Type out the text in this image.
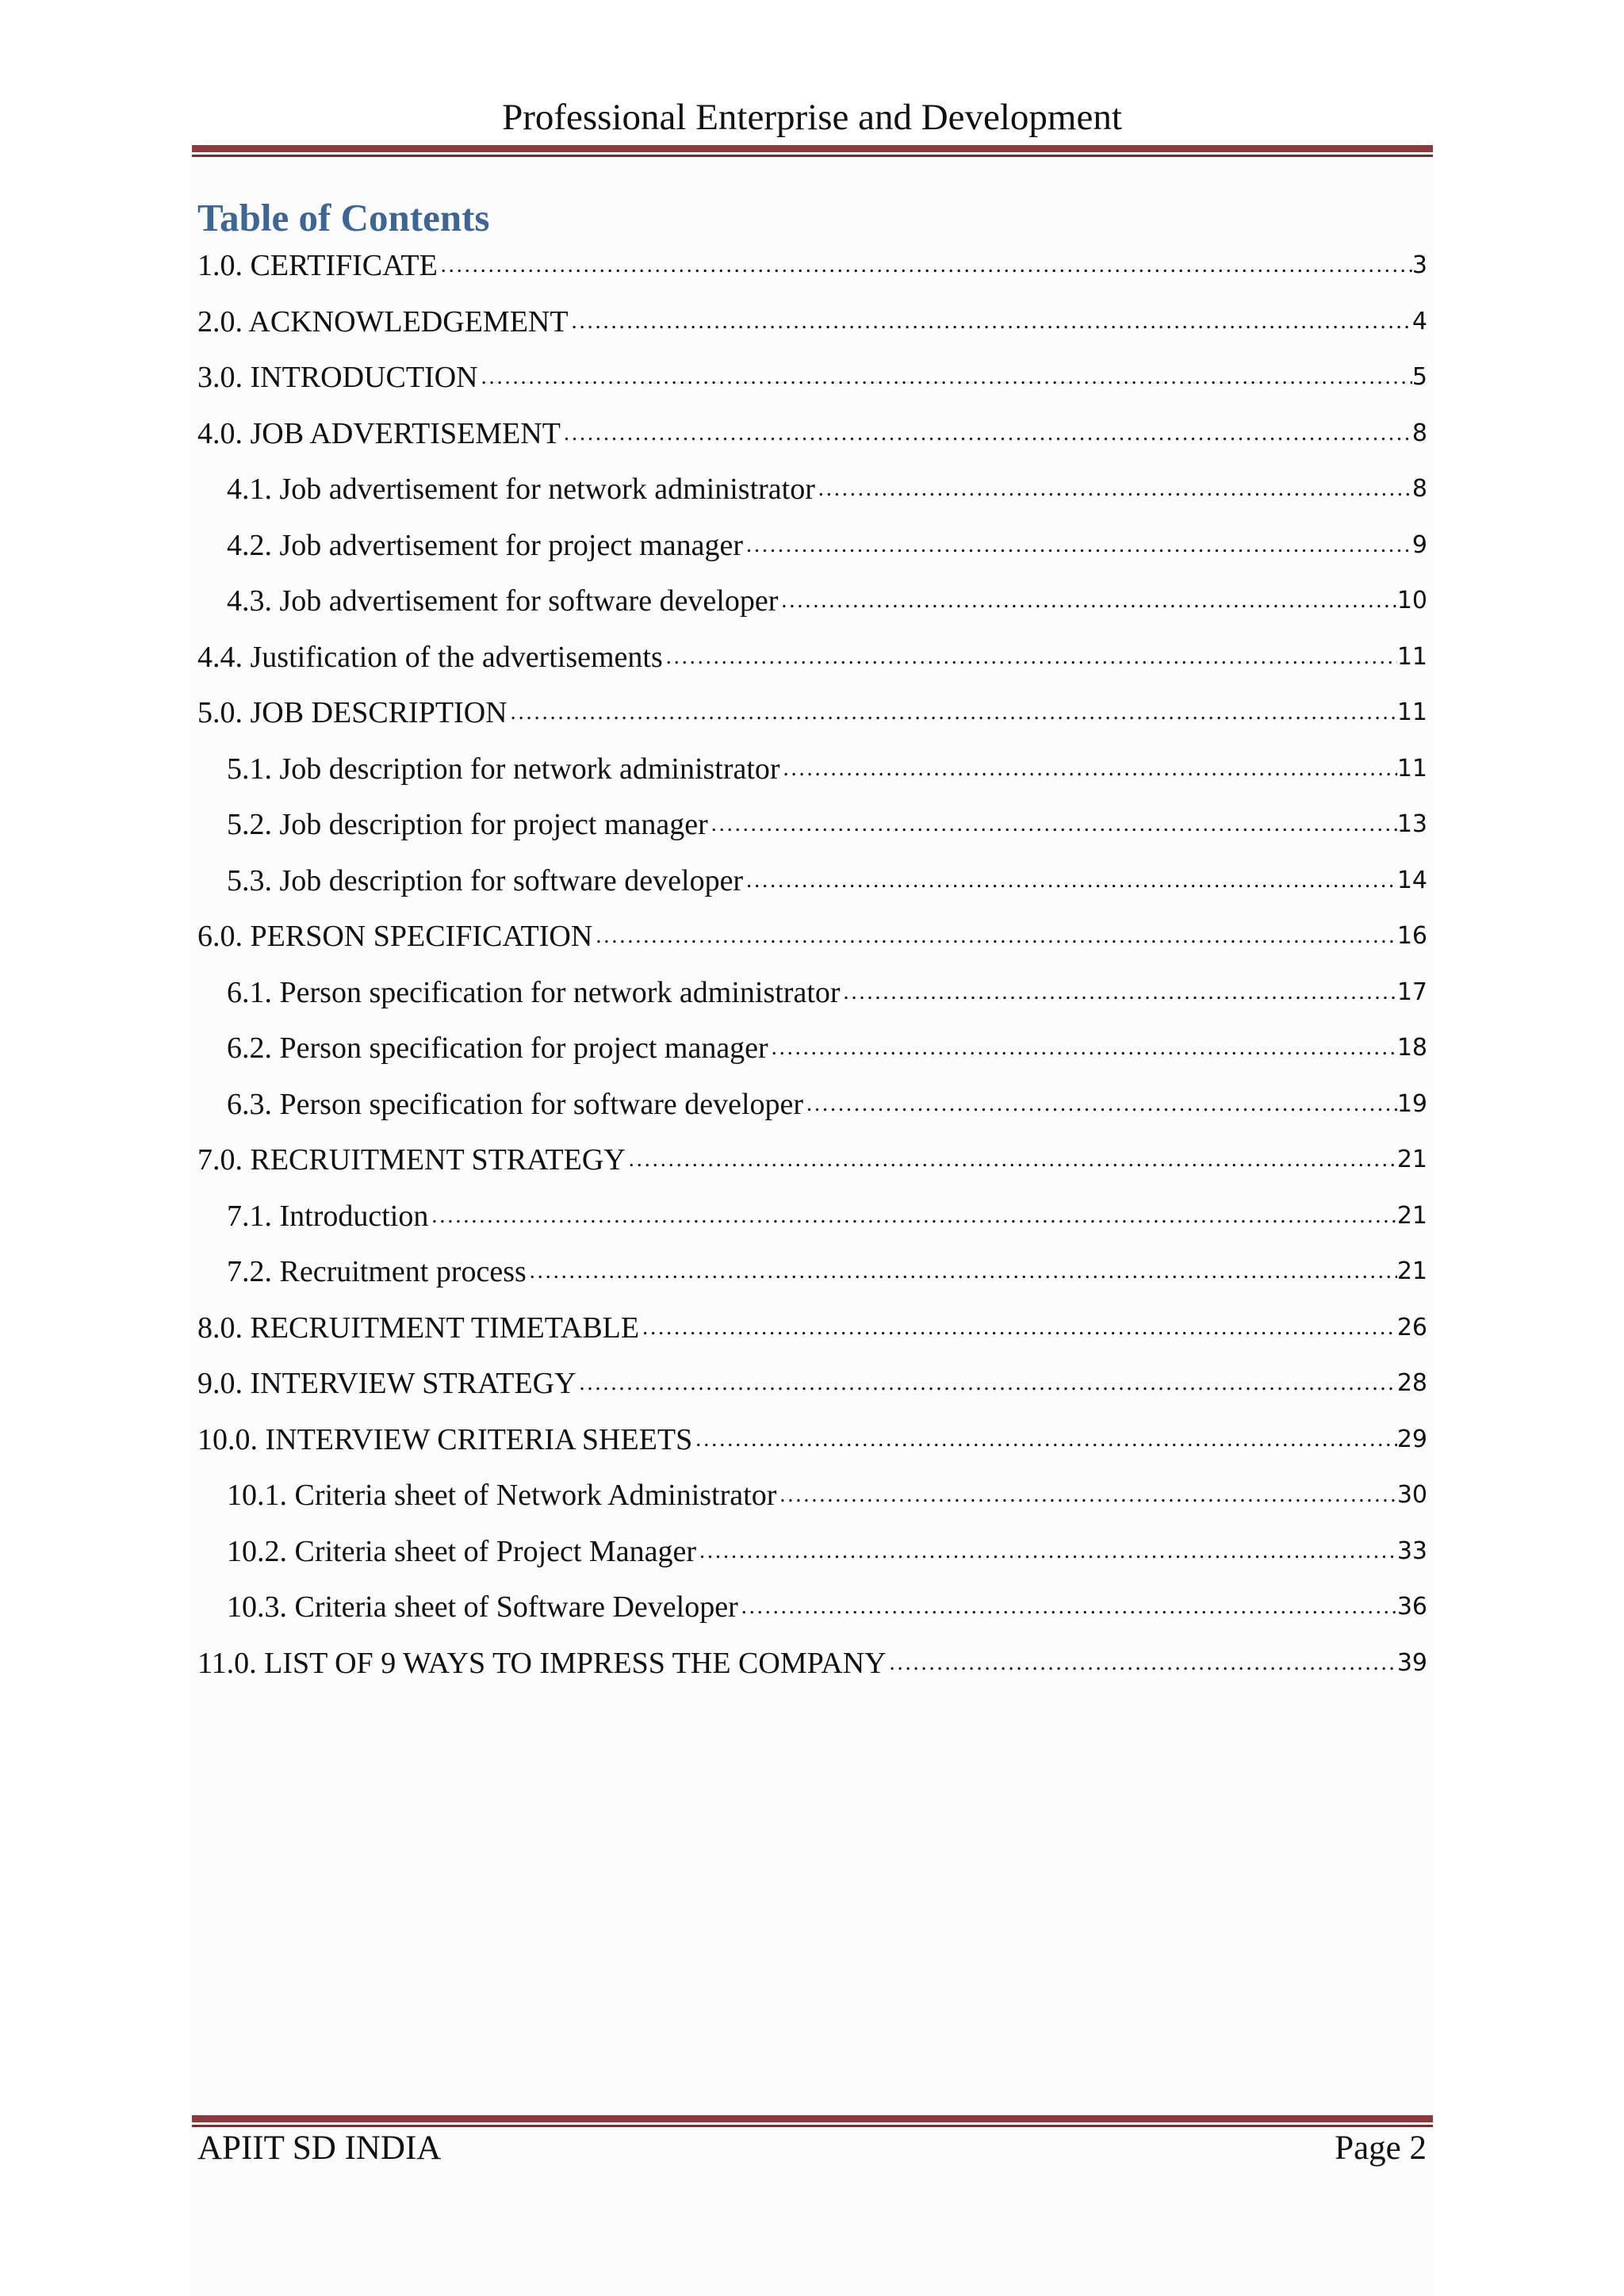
Professional Enterprise and Development
Table of Contents
1.0. CERTIFICATE .....	3
2.0. ACKNOWLEDGEMENT .....	4
3.0. INTRODUCTION .....	5
4.0. JOB ADVERTISEMENT .....	8
4.1. Job advertisement for network administrator .....	8
4.2. Job advertisement for project manager .....	9
4.3. Job advertisement for software developer .....	10
4.4. Justification of the advertisements .....	11
5.0. JOB DESCRIPTION .....	11
5.1. Job description for network administrator .....	11
5.2. Job description for project manager .....	13
5.3. Job description for software developer .....	14
6.0. PERSON SPECIFICATION .....	16
6.1. Person specification for network administrator .....	17
6.2. Person specification for project manager .....	18
6.3. Person specification for software developer .....	19
7.0. RECRUITMENT STRATEGY .....	21
7.1. Introduction .....	21
7.2. Recruitment process .....	21
8.0. RECRUITMENT TIMETABLE .....	26
9.0. INTERVIEW STRATEGY .....	28
10.0. INTERVIEW CRITERIA SHEETS .....	29
10.1. Criteria sheet of Network Administrator .....	30
10.2. Criteria sheet of Project Manager .....	33
10.3. Criteria sheet of Software Developer .....	36
11.0. LIST OF 9 WAYS TO IMPRESS THE COMPANY .....	39
APIIT SD INDIA	Page 2
